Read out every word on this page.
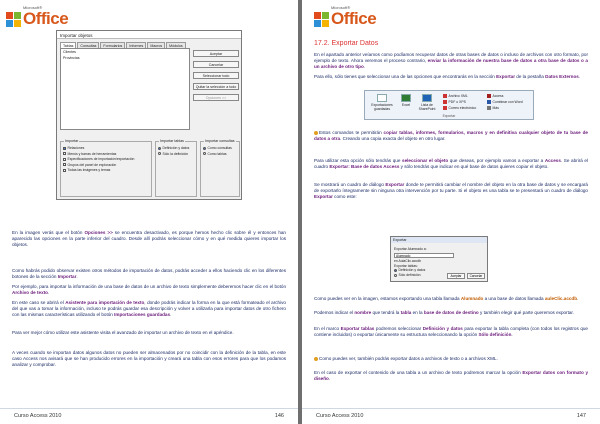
Microsoft®
Office
Importar objetos
Tablas	Consultas	Formularios	Informes	Macros	Módulos
Clientes
Provincias
Aceptar
Cancelar
Seleccionar todo
Quitar la selección a todo
Opciones >>
Importar
Relaciones
Menús y barras de herramientas
Especificaciones de importación/exportación
Grupos del panel de exploración
Todas las imágenes y temas
Importar tablas
Definición y datos
Sólo la definición
Importar consultas
Como consultas
Como tablas

En la imagen verás que el botón Opciones >> se encuentra desactivado, es porque hemos hecho clic sobre él y entonces han aparecido las opciones en la parte inferior del cuadro. Desde allí podrás seleccionar cómo y en qué medida quieres importar los objetos.

Como habrás podido observar existen otros métodos de importación de datos, podrás acceder a ellos haciendo clic en los diferentes botones de la sección Importar.

Por ejemplo, para importar la información de una base de datos de un archivo de texto simplemente deberemos hacer clic en el botón Archivo de texto.

En este caso se abrirá el Asistente para importación de texto, donde podrás indicar la forma en la que está formateado el archivo del que vas a tomar la información, incluso te podrás guardar esa descripción y volver a utilizarla para importar datos de otro fichero con las mismas características utilizando el botón Importaciones guardadas.

Para ver mejor cómo utilizar este asistente visita el avanzado de importar un archivo de texto en el apéndice.

A veces cuando se importan datos algunos datos no pueden ser almacenados por no coincidir con la definición de la tabla, en este caso Access nos avisará que se han producido errores en la importación y creará una tabla con esos errores para que los podamos analizar y comprobar.

Curso Access 2010	146
Microsoft®
Office
17.2. Exportar Datos

En el apartado anterior veíamos como podíamos recuperar datos de otras bases de datos o incluso de archivos con otro formato, por ejemplo de texto. Ahora veremos el proceso contrario, enviar la información de nuestra base de datos a otra base de datos o a un archivo de otro tipo.

Para ello, sólo tienes que seleccionar una de las opciones que encontrarás en la sección Exportar de la pestaña Datos Externos.

Exportaciones guardadas
Excel	Lista de SharePoint
Archivo XML
PDF o XPS
Correo electrónico
Access
Combinar con Word
Más
Exportar

Estos comandos te permitirán copiar tablas, informes, formularios, macros y en definitiva cualquier objeto de tu base de datos a otra. Creando una copia exacta del objeto en otro lugar.

Para utilizar esta opción sólo tendrás que seleccionar el objeto que deseas, por ejemplo vamos a exportar a Access. Se abrirá el cuadro Exportar: Base de datos Access y sólo tendrás que indicar en qué base de datos quieres copiar el objeto.

Se mostrará un cuadro de diálogo Exportar donde te permitirá cambiar el nombre del objeto en la otra base de datos y se encargará de exportarlo íntegramente sin ninguna otra intervención por tu parte. Si el objeto es una tabla se te presentará un cuadro de diálogo Exportar como este:

Exportar
Exportar Alumnado a:
Alumnado
en AulaClic.accdb
Exportar tablas:
Definición y datos
Sólo definición	Aceptar	Cancelar

Como puedes ver en la imagen, estamos exportando una tabla llamada Alumnado a una base de datos llamada auleClic.accdb.

Podemos indicar el nombre que tendrá la tabla en la base de datos de destino y también elegir qué parte queremos exportar.

En el marco Exportar tablas podremos seleccionar Definición y datos para exportar la tabla completa (con todos los registros que contiene incluidos) o exportar únicamente su estructura seleccionando la opción Sólo definición.

Como puedes ver, también podrás exportar datos a archivos de texto o a archivos XML.

En el caso de exportar el contenido de una tabla a un archivo de texto podremos marcar la opción Exportar datos con formato y diseño.

Curso Access 2010	147
